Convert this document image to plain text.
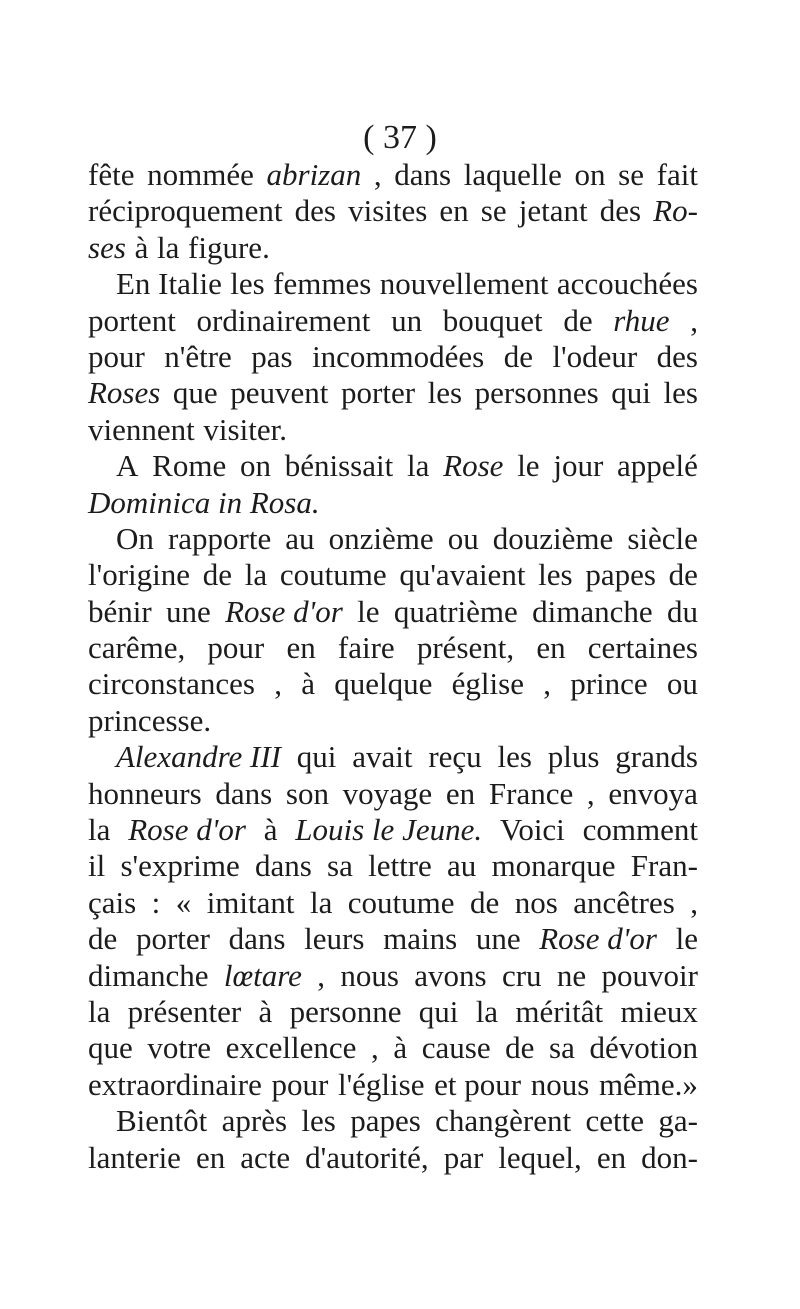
( 37 )
fête nommée abrizan , dans laquelle on se fait
réciproquement des visites en se jetant des Ro-
ses à la figure.
En Italie les femmes nouvellement accouchées
portent ordinairement un bouquet de rhue ,
pour n'être pas incommodées de l'odeur des
Roses que peuvent porter les personnes qui les
viennent visiter.
A Rome on bénissait la Rose le jour appelé
Dominica in Rosa.
On rapporte au onzième ou douzième siècle
l'origine de la coutume qu'avaient les papes de
bénir une Rose d'or le quatrième dimanche du
carême, pour en faire présent, en certaines
circonstances , à quelque église , prince ou
princesse.
Alexandre III qui avait reçu les plus grands
honneurs dans son voyage en France , envoya
la Rose d'or à Louis le Jeune. Voici comment
il s'exprime dans sa lettre au monarque Fran-
çais : « imitant la coutume de nos ancêtres ,
de porter dans leurs mains une Rose d'or le
dimanche lœtare , nous avons cru ne pouvoir
la présenter à personne qui la méritât mieux
que votre excellence , à cause de sa dévotion
extraordinaire pour l'église et pour nous même.»
Bientôt après les papes changèrent cette ga-
lanterie en acte d'autorité, par lequel, en don-
